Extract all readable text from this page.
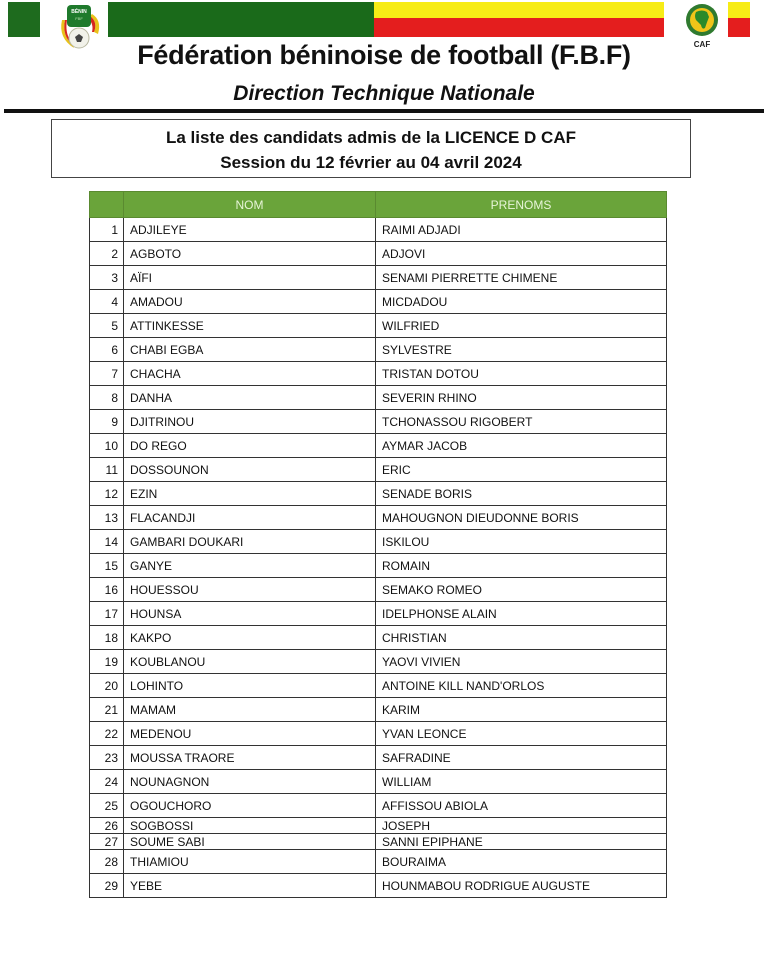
BÉNIN
FBF
CAF
Fédération béninoise de football (F.B.F)
Direction Technique Nationale
La liste des candidats admis de la LICENCE D CAF
Session du 12 février au 04 avril 2024
	NOM	PRENOMS
1	ADJILEYE	RAIMI ADJADI
2	AGBOTO	ADJOVI
3	AÏFI	SENAMI PIERRETTE CHIMENE
4	AMADOU	MICDADOU
5	ATTINKESSE	WILFRIED
6	CHABI EGBA	SYLVESTRE
7	CHACHA	TRISTAN DOTOU
8	DANHA	SEVERIN RHINO
9	DJITRINOU	TCHONASSOU RIGOBERT
10	DO REGO	AYMAR JACOB
11	DOSSOUNON	ERIC
12	EZIN	SENADE BORIS
13	FLACANDJI	MAHOUGNON DIEUDONNE BORIS
14	GAMBARI DOUKARI	ISKILOU
15	GANYE	ROMAIN
16	HOUESSOU	SEMAKO ROMEO
17	HOUNSA	IDELPHONSE ALAIN
18	KAKPO	CHRISTIAN
19	KOUBLANOU	YAOVI VIVIEN
20	LOHINTO	ANTOINE KILL NAND'ORLOS
21	MAMAM	KARIM
22	MEDENOU	YVAN LEONCE
23	MOUSSA TRAORE	SAFRADINE
24	NOUNAGNON	WILLIAM
25	OGOUCHORO	AFFISSOU ABIOLA
26	SOGBOSSI	JOSEPH
27	SOUME SABI	SANNI EPIPHANE
28	THIAMIOU	BOURAIMA
29	YEBE	HOUNMABOU RODRIGUE AUGUSTE
